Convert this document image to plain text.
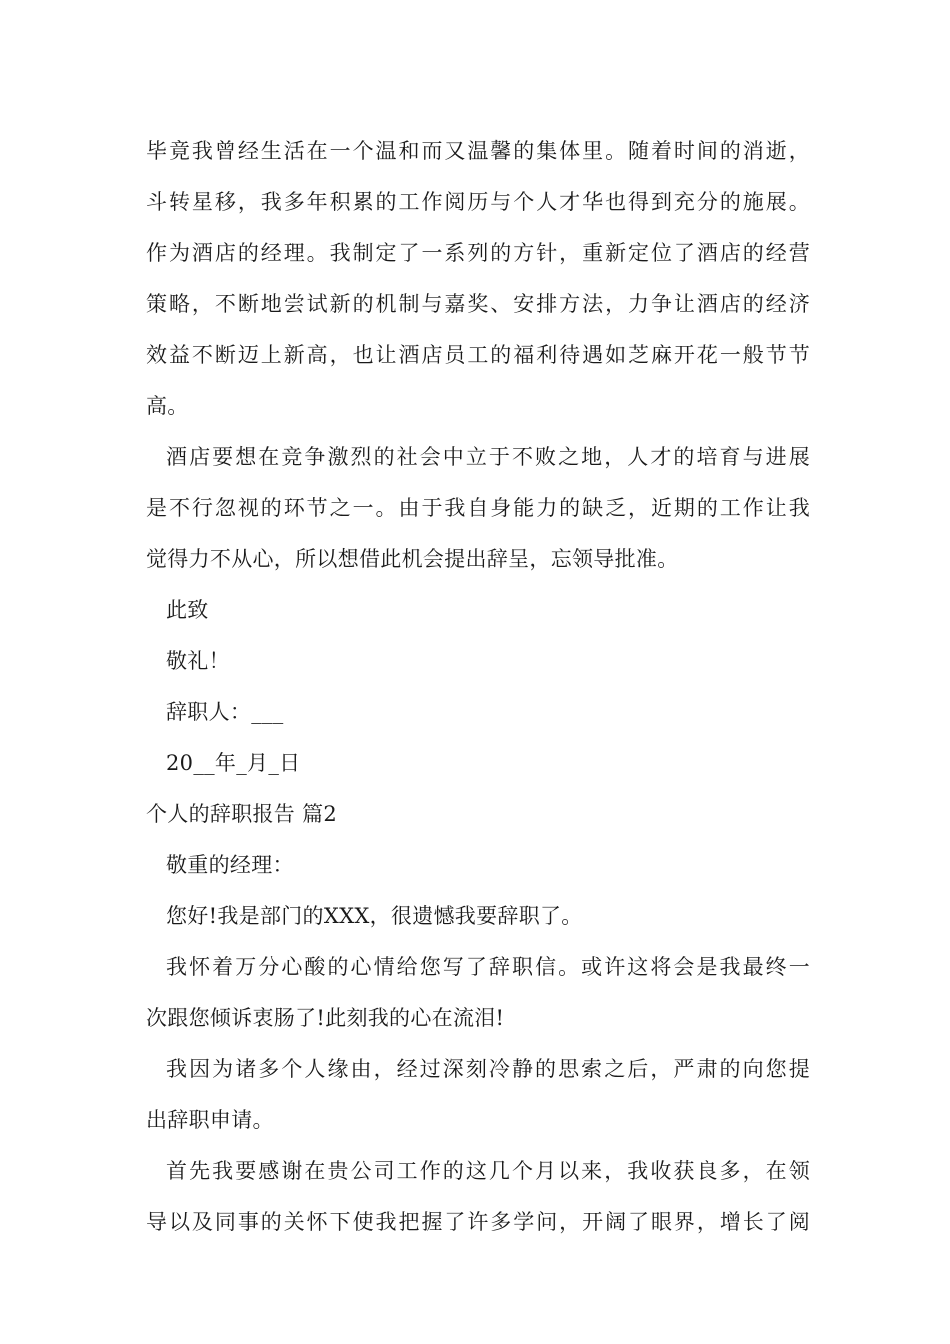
毕竟我曾经生活在一个温和而又温馨的集体里。随着时间的消逝，
斗转星移，我多年积累的工作阅历与个人才华也得到充分的施展。
作为酒店的经理。我制定了一系列的方针，重新定位了酒店的经营
策略，不断地尝试新的机制与嘉奖、安排方法，力争让酒店的经济
效益不断迈上新高，也让酒店员工的福利待遇如芝麻开花一般节节
高。
酒店要想在竞争激烈的社会中立于不败之地，人才的培育与进展
是不行忽视的环节之一。由于我自身能力的缺乏，近期的工作让我
觉得力不从心，所以想借此机会提出辞呈，忘领导批准。
此致
敬礼！
辞职人：___
20__年_月_日
个人的辞职报告 篇2
敬重的经理：
您好!我是部门的XXX，很遗憾我要辞职了。
我怀着万分心酸的心情给您写了辞职信。或许这将会是我最终一
次跟您倾诉衷肠了!此刻我的心在流泪!
我因为诸多个人缘由，经过深刻冷静的思索之后，严肃的向您提
出辞职申请。
首先我要感谢在贵公司工作的这几个月以来，我收获良多，在领
导以及同事的关怀下使我把握了许多学问，开阔了眼界，增长了阅
